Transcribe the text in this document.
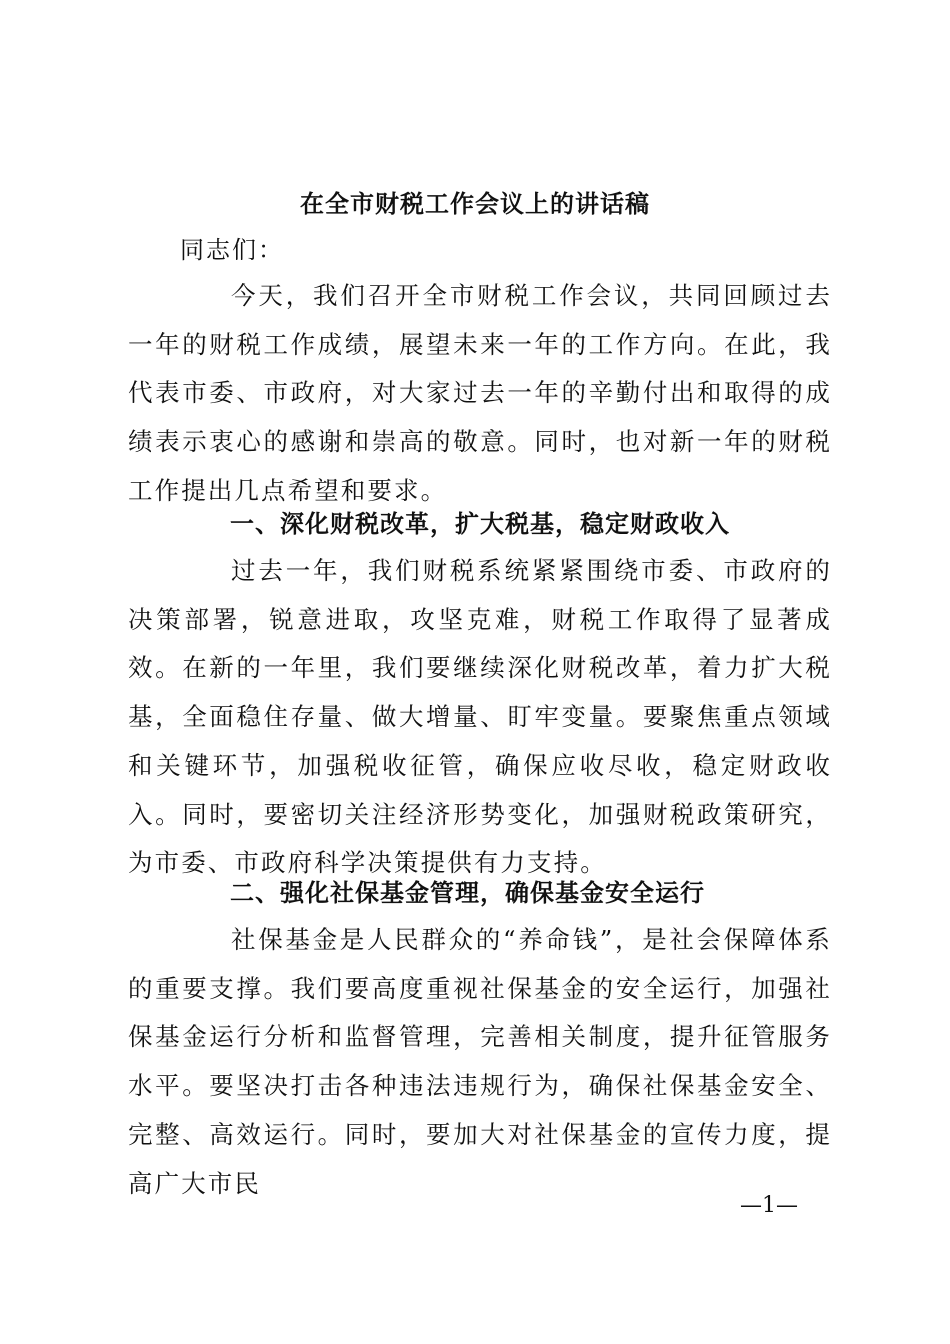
在全市财税工作会议上的讲话稿
同志们：

今天，我们召开全市财税工作会议，共同回顾过去一年的财税工作成绩，展望未来一年的工作方向。在此，我代表市委、市政府，对大家过去一年的辛勤付出和取得的成绩表示衷心的感谢和崇高的敬意。同时，也对新一年的财税工作提出几点希望和要求。

一、深化财税改革，扩大税基，稳定财政收入

过去一年，我们财税系统紧紧围绕市委、市政府的决策部署，锐意进取，攻坚克难，财税工作取得了显著成效。在新的一年里，我们要继续深化财税改革，着力扩大税基，全面稳住存量、做大增量、盯牢变量。要聚焦重点领域和关键环节，加强税收征管，确保应收尽收，稳定财政收入。同时，要密切关注经济形势变化，加强财税政策研究，为市委、市政府科学决策提供有力支持。

二、强化社保基金管理，确保基金安全运行

社保基金是人民群众的“养命钱”，是社会保障体系的重要支撑。我们要高度重视社保基金的安全运行，加强社保基金运行分析和监督管理，完善相关制度，提升征管服务水平。要坚决打击各种违法违规行为，确保社保基金安全、完整、高效运行。同时，要加大对社保基金的宣传力度，提高广大市民

—1—
